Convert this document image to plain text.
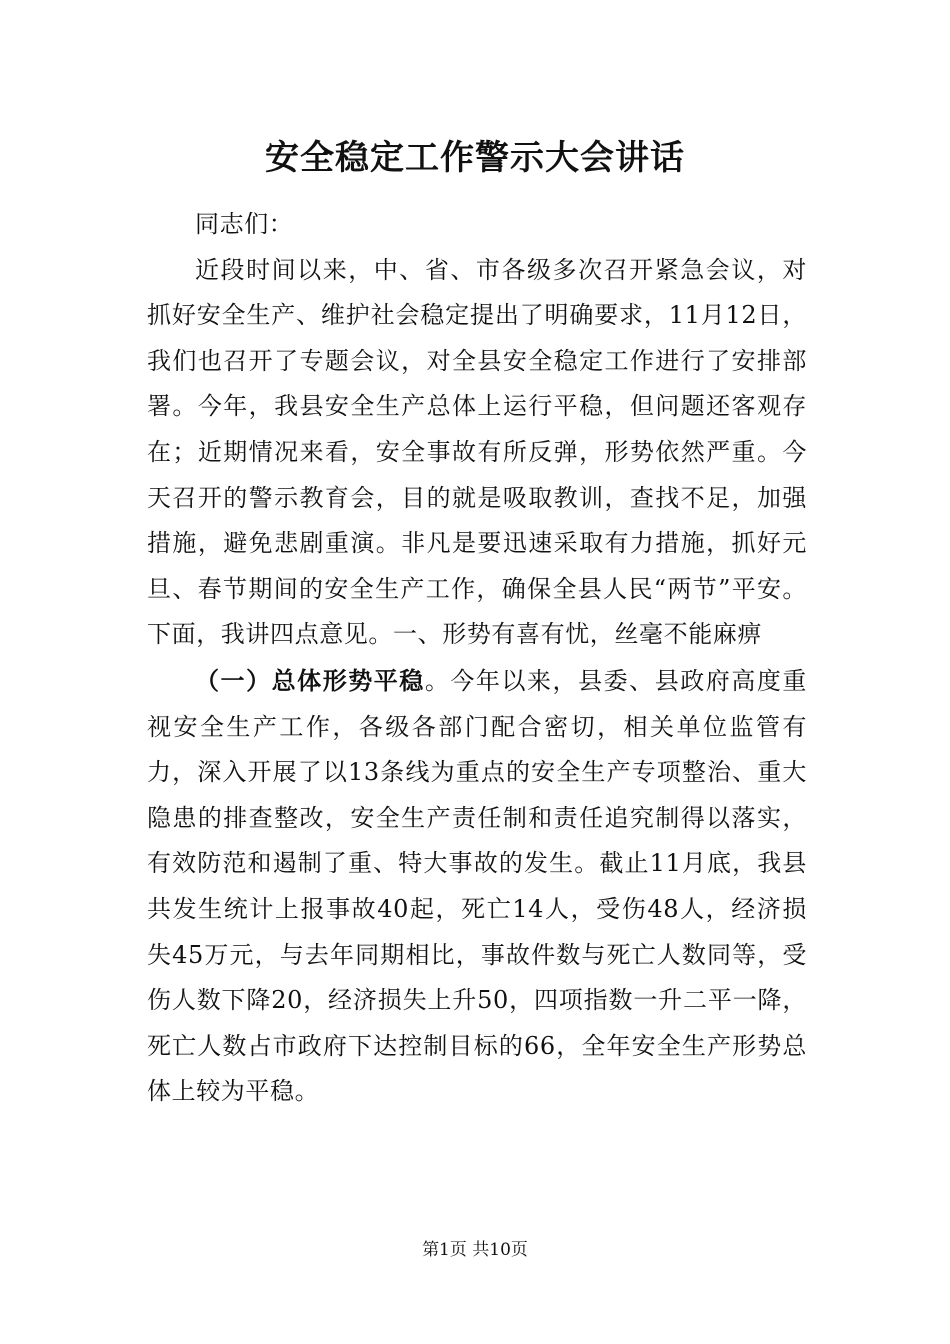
安全稳定工作警示大会讲话

同志们：

近段时间以来，中、省、市各级多次召开紧急会议，对抓好安全生产、维护社会稳定提出了明确要求，11月12日，我们也召开了专题会议，对全县安全稳定工作进行了安排部署。今年，我县安全生产总体上运行平稳，但问题还客观存在；近期情况来看，安全事故有所反弹，形势依然严重。今天召开的警示教育会，目的就是吸取教训，查找不足，加强措施，避免悲剧重演。非凡是要迅速采取有力措施，抓好元旦、春节期间的安全生产工作，确保全县人民“两节”平安。下面，我讲四点意见。一、形势有喜有忧，丝毫不能麻痹

（一）总体形势平稳。今年以来，县委、县政府高度重视安全生产工作，各级各部门配合密切，相关单位监管有力，深入开展了以13条线为重点的安全生产专项整治、重大隐患的排查整改，安全生产责任制和责任追究制得以落实，有效防范和遏制了重、特大事故的发生。截止11月底，我县共发生统计上报事故40起，死亡14人，受伤48人，经济损失45万元，与去年同期相比，事故件数与死亡人数同等，受伤人数下降20，经济损失上升50，四项指数一升二平一降，死亡人数占市政府下达控制目标的66，全年安全生产形势总体上较为平稳。

第1页 共10页
